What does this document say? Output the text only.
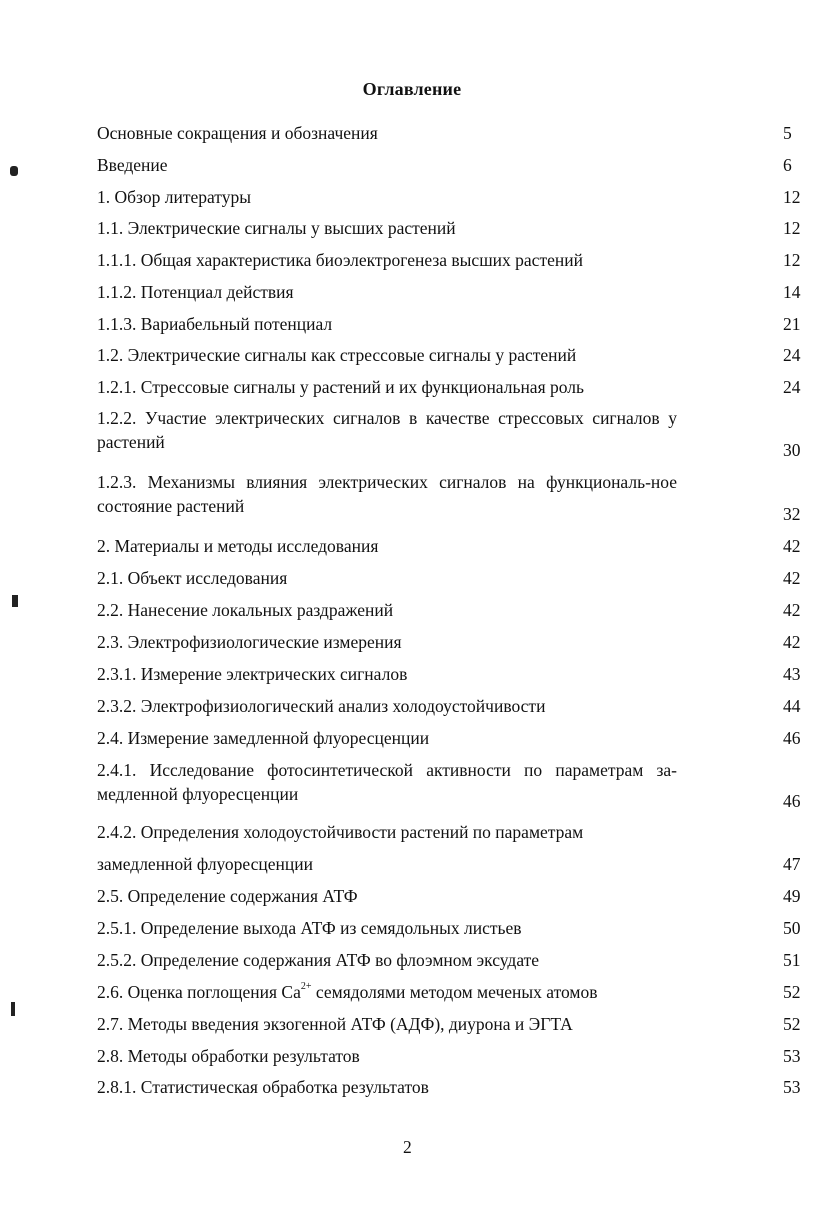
Оглавление
Основные сокращения и обозначения	5
Введение	6
1. Обзор литературы	12
1.1. Электрические сигналы у высших растений	12
1.1.1. Общая характеристика биоэлектрогенеза высших растений	12
1.1.2. Потенциал действия	14
1.1.3. Вариабельный потенциал	21
1.2. Электрические сигналы как стрессовые сигналы у растений	24
1.2.1. Стрессовые сигналы у растений и их функциональная роль	24
1.2.2. Участие электрических сигналов в качестве стрессовых сигналов у растений	30
1.2.3. Механизмы влияния электрических сигналов на функциональ-ное состояние растений	32
2. Материалы и методы исследования	42
2.1. Объект исследования	42
2.2. Нанесение локальных раздражений	42
2.3. Электрофизиологические измерения	42
2.3.1. Измерение электрических сигналов	43
2.3.2. Электрофизиологический анализ холодоустойчивости	44
2.4. Измерение замедленной флуоресценции	46
2.4.1. Исследование фотосинтетической активности по параметрам за-медленной флуоресценции	46
2.4.2. Определения холодоустойчивости растений по параметрам
замедленной флуоресценции	47
2.5. Определение содержания АТФ	49
2.5.1. Определение выхода АТФ из семядольных листьев	50
2.5.2. Определение содержания АТФ во флоэмном эксудате	51
2.6. Оценка поглощения $Ca^{2+}$ семядолями методом меченых атомов	52
2.7. Методы введения экзогенной АТФ (АДФ), диурона и ЭГТА	52
2.8. Методы обработки результатов	53
2.8.1. Статистическая обработка результатов	53
2
